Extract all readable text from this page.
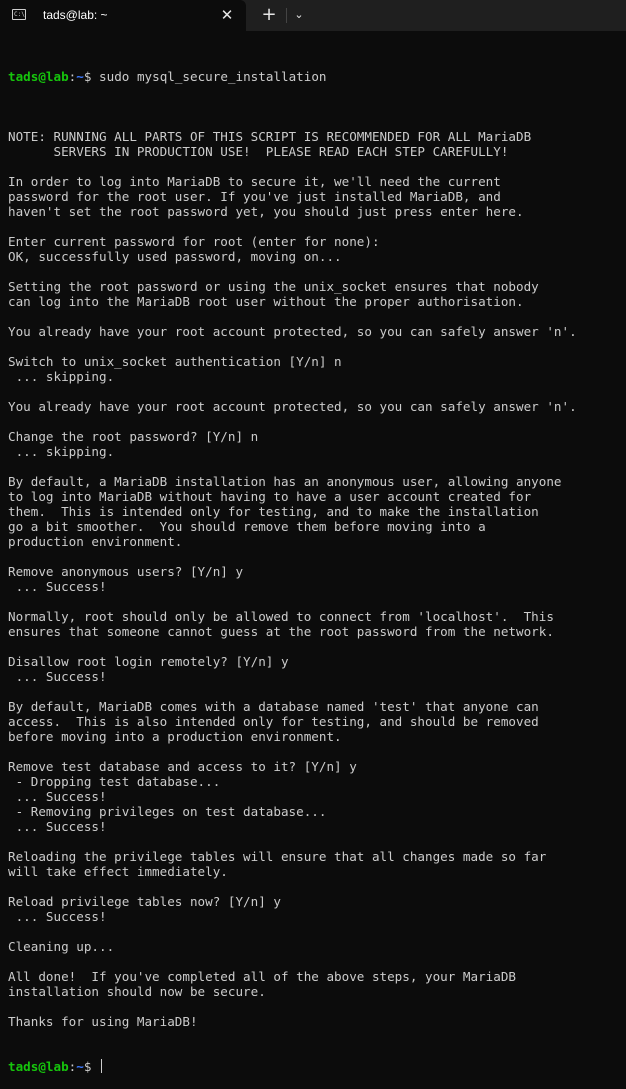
C:\ tads@lab: ~	✕ +	⌄

tads@lab:~$ sudo mysql_secure_installation

NOTE: RUNNING ALL PARTS OF THIS SCRIPT IS RECOMMENDED FOR ALL MariaDB
SERVERS IN PRODUCTION USE!  PLEASE READ EACH STEP CAREFULLY!
In order to log into MariaDB to secure it, we'll need the current
password for the root user. If you've just installed MariaDB, and
haven't set the root password yet, you should just press enter here.
Enter current password for root (enter for none):
OK, successfully used password, moving on...
Setting the root password or using the unix_socket ensures that nobody
can log into the MariaDB root user without the proper authorisation.
You already have your root account protected, so you can safely answer 'n'.
Switch to unix_socket authentication [Y/n] n
... skipping.
You already have your root account protected, so you can safely answer 'n'.
Change the root password? [Y/n] n
... skipping.
By default, a MariaDB installation has an anonymous user, allowing anyone
to log into MariaDB without having to have a user account created for
them.  This is intended only for testing, and to make the installation
go a bit smoother.  You should remove them before moving into a
production environment.
Remove anonymous users? [Y/n] y
... Success!
Normally, root should only be allowed to connect from 'localhost'.  This
ensures that someone cannot guess at the root password from the network.
Disallow root login remotely? [Y/n] y
... Success!
By default, MariaDB comes with a database named 'test' that anyone can
access.  This is also intended only for testing, and should be removed
before moving into a production environment.
Remove test database and access to it? [Y/n] y
- Dropping test database...
... Success!
- Removing privileges on test database...
... Success!
Reloading the privilege tables will ensure that all changes made so far
will take effect immediately.
Reload privilege tables now? [Y/n] y
... Success!
Cleaning up...
All done!  If you've completed all of the above steps, your MariaDB
installation should now be secure.
Thanks for using MariaDB!

tads@lab:~$
